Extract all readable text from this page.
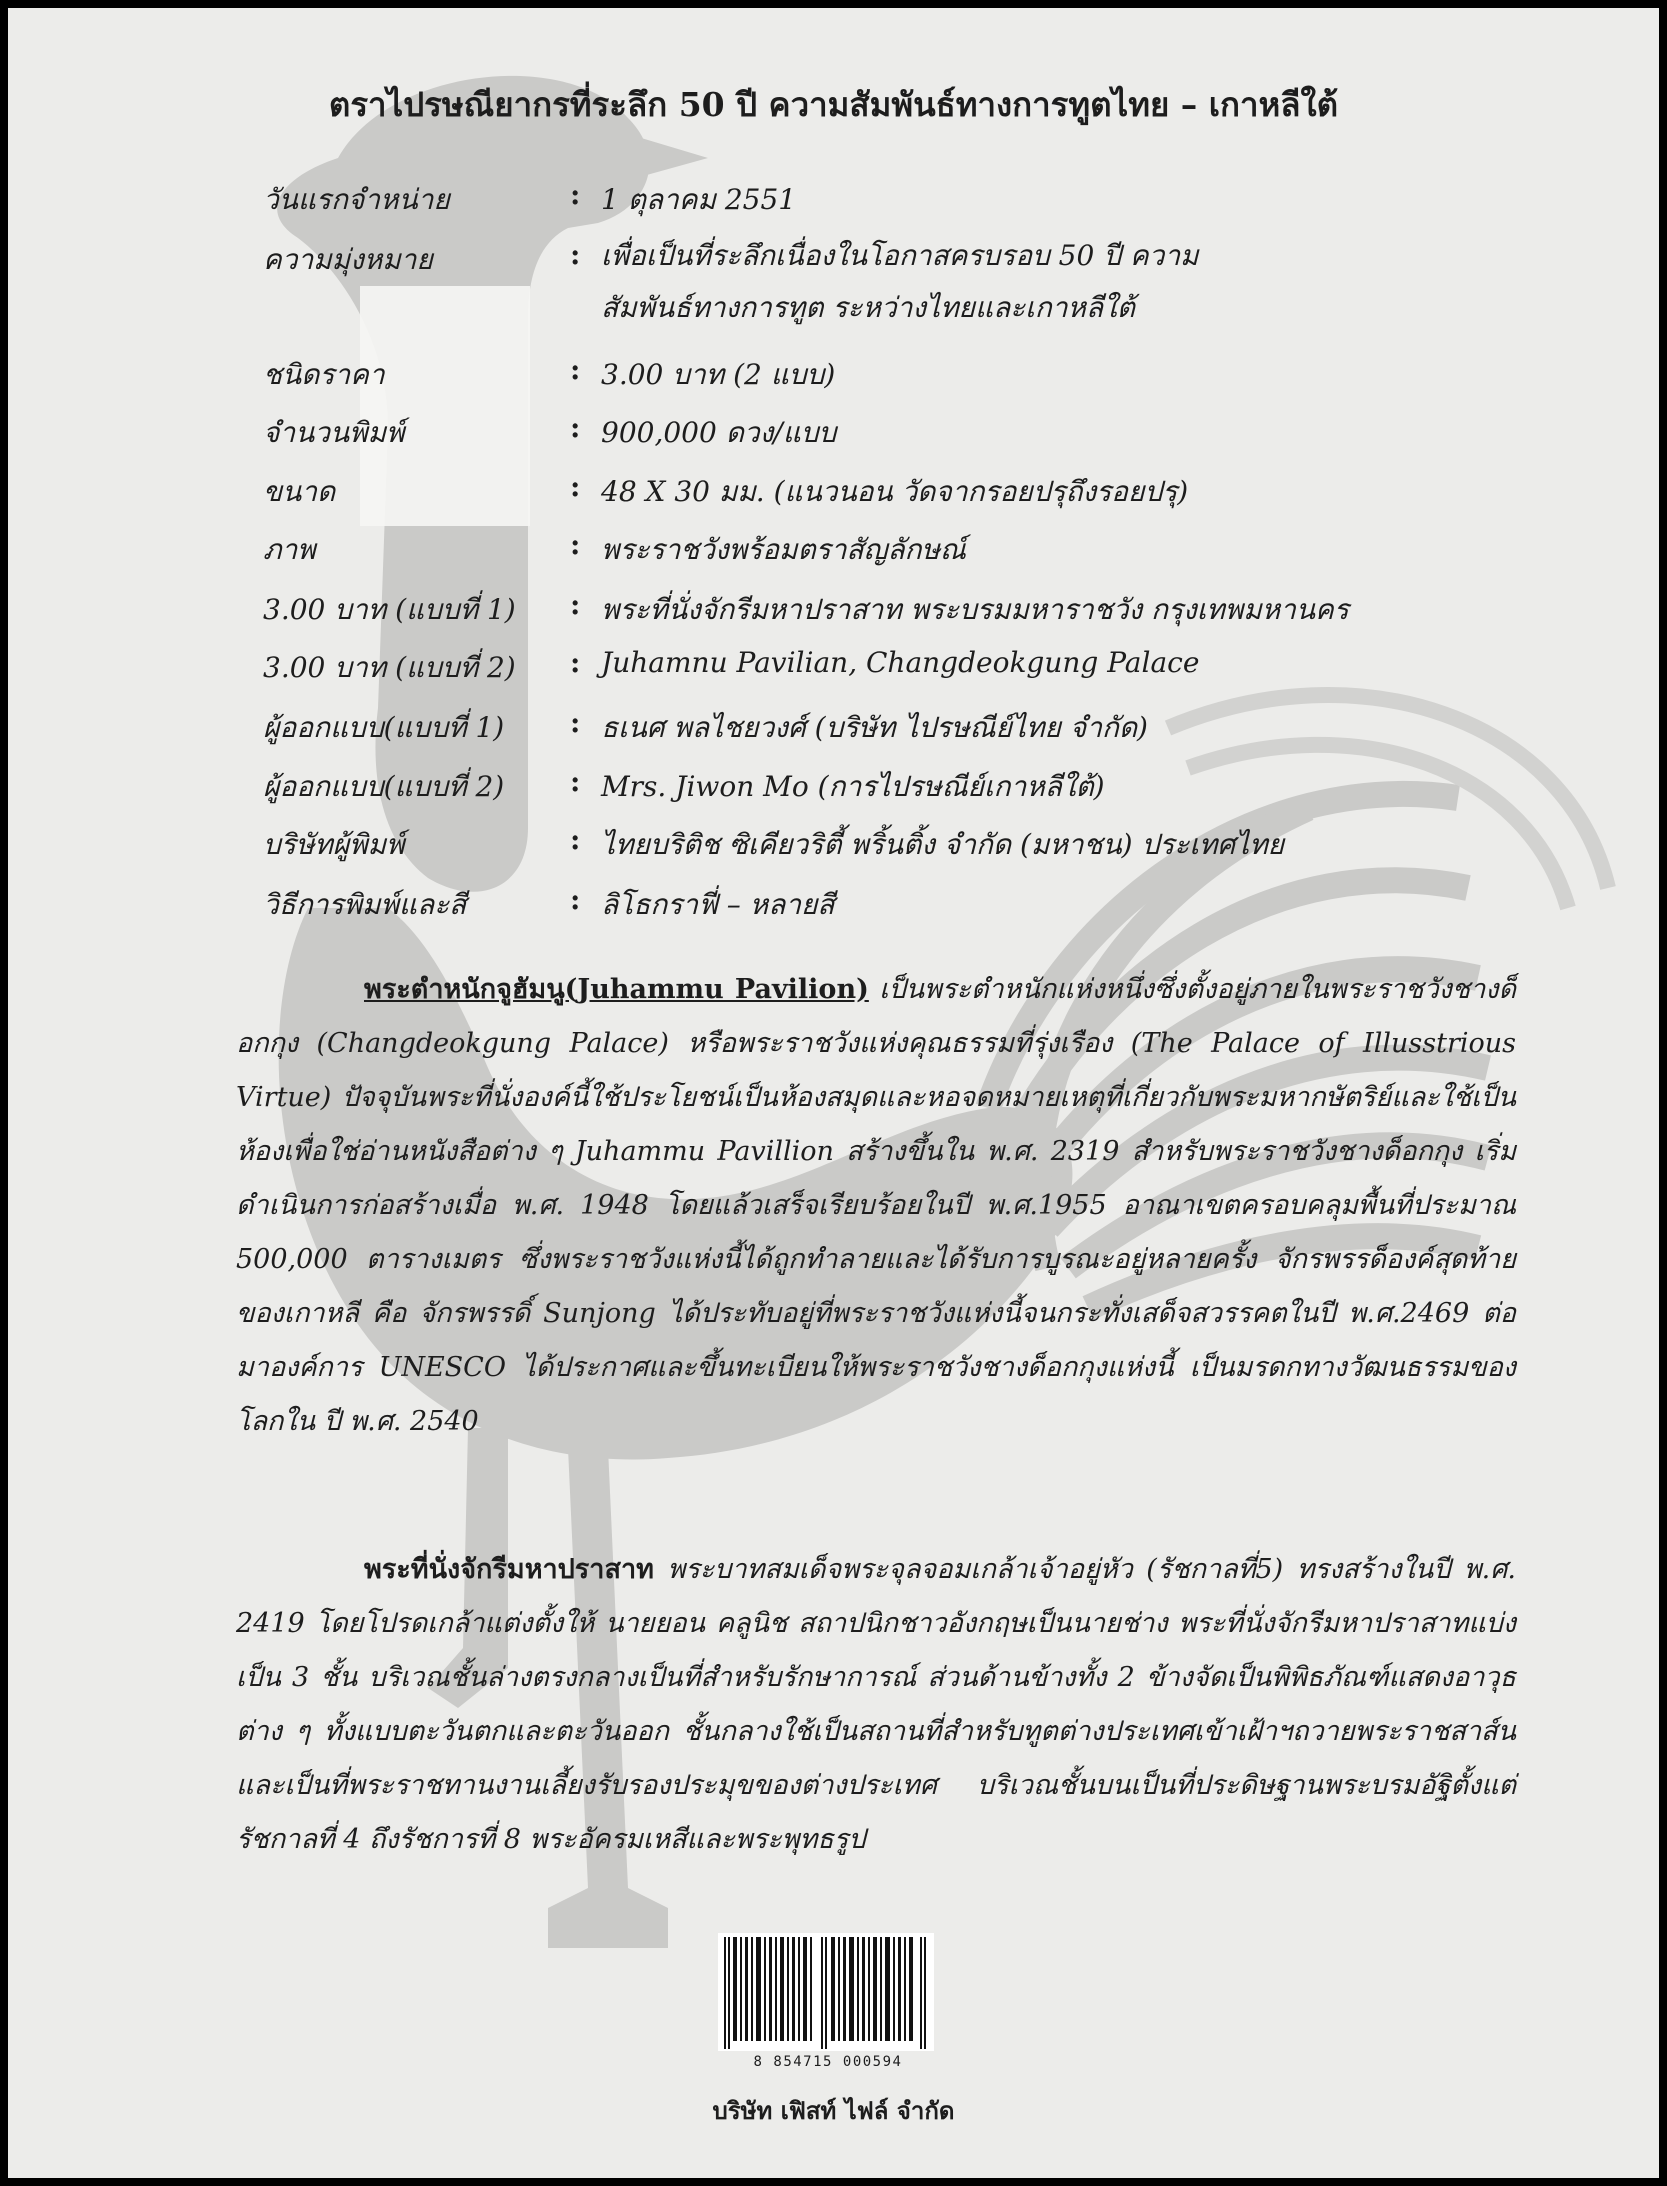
ตราไปรษณียากรที่ระลึก 50 ปี ความสัมพันธ์ทางการทูตไทย – เกาหลีใต้
วันแรกจำหน่าย	: 1 ตุลาคม 2551
ความมุ่งหมาย	: เพื่อเป็นที่ระลึกเนื่องในโอกาสครบรอบ 50 ปี ความสัมพันธ์ทางการทูต ระหว่างไทยและเกาหลีใต้
ชนิดราคา	: 3.00 บาท (2 แบบ)
จำนวนพิมพ์	: 900,000 ดวง/แบบ
ขนาด	: 48 X 30 มม. (แนวนอน วัดจากรอยปรุถึงรอยปรุ)
ภาพ	: พระราชวังพร้อมตราสัญลักษณ์
3.00 บาท (แบบที่ 1)	: พระที่นั่งจักรีมหาปราสาท พระบรมมหาราชวัง กรุงเทพมหานคร
3.00 บาท (แบบที่ 2)	: Juhamnu Pavilian, Changdeokgung Palace
ผู้ออกแบบ(แบบที่ 1)	: ธเนศ พลไชยวงศ์ (บริษัท ไปรษณีย์ไทย จำกัด)
ผู้ออกแบบ(แบบที่ 2)	: Mrs. Jiwon Mo (การไปรษณีย์เกาหลีใต้)
บริษัทผู้พิมพ์	: ไทยบริติช ซิเคียวริตี้ พริ้นติ้ง จำกัด (มหาชน) ประเทศไทย
วิธีการพิมพ์และสี	: ลิโธกราฟี่ – หลายสี
พระตำหนักจูฮัมนู(Juhammu Pavilion) เป็นพระตำหนักแห่งหนึ่งซึ่งตั้งอยู่ภายในพระราชวังชางด็อกกุง (Changdeokgung Palace) หรือพระราชวังแห่งคุณธรรมที่รุ่งเรือง (The Palace of Illusstrious Virtue) ปัจจุบันพระที่นั่งองค์นี้ใช้ประโยชน์เป็นห้องสมุดและหอจดหมายเหตุที่เกี่ยวกับพระมหากษัตริย์และใช้เป็นห้องเพื่อใช่อ่านหนังสือต่าง ๆ Juhammu Pavillion สร้างขึ้นใน พ.ศ. 2319 สำหรับพระราชวังชางด็อกกุง เริ่มดำเนินการก่อสร้างเมื่อ พ.ศ. 1948 โดยแล้วเสร็จเรียบร้อยในปี พ.ศ.1955 อาณาเขตครอบคลุมพื้นที่ประมาณ 500,000 ตารางเมตร ซึ่งพระราชวังแห่งนี้ได้ถูกทำลายและได้รับการบูรณะอยู่หลายครั้ง จักรพรรด็องค์สุดท้ายของเกาหลี คือ จักรพรรดิ์ Sunjong ได้ประทับอยู่ที่พระราชวังแห่งนี้จนกระทั่งเสด็จสวรรคตในปี พ.ศ.2469 ต่อมาองค์การ UNESCO ได้ประกาศและขึ้นทะเบียนให้พระราชวังชางด็อกกุงแห่งนี้ เป็นมรดกทางวัฒนธรรมของโลกใน ปี พ.ศ. 2540
พระที่นั่งจักรีมหาปราสาท พระบาทสมเด็จพระจุลจอมเกล้าเจ้าอยู่หัว (รัชกาลที่5) ทรงสร้างในปี พ.ศ. 2419 โดยโปรดเกล้าแต่งตั้งให้ นายยอน คลูนิช สถาปนิกชาวอังกฤษเป็นนายช่าง พระที่นั่งจักรีมหาปราสาทแบ่งเป็น 3 ชั้น บริเวณชั้นล่างตรงกลางเป็นที่สำหรับรักษาการณ์ ส่วนด้านข้างทั้ง 2 ข้างจัดเป็นพิพิธภัณฑ์แสดงอาวุธต่าง ๆ ทั้งแบบตะวันตกและตะวันออก ชั้นกลางใช้เป็นสถานที่สำหรับทูตต่างประเทศเข้าเฝ้าฯถวายพระราชสาส์น และเป็นที่พระราชทานงานเลี้ยงรับรองประมุขของต่างประเทศ บริเวณชั้นบนเป็นที่ประดิษฐานพระบรมอัฐิตั้งแต่รัชกาลที่ 4 ถึงรัชการที่ 8 พระอัครมเหสีและพระพุทธรูป
8 854715 000594
บริษัท เฟิสท์ ไฟล์ จำกัด
